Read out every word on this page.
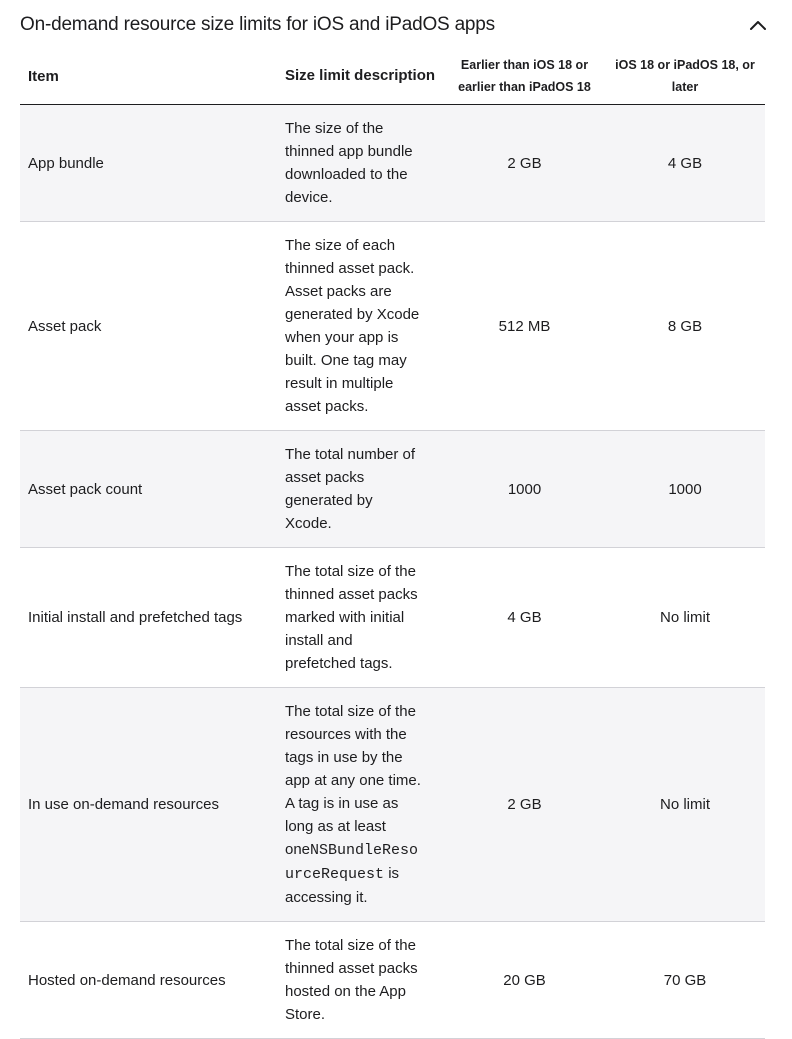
On-demand resource size limits for iOS and iPadOS apps
Item	Size limit description	Earlier than iOS 18 or earlier than iPadOS 18	iOS 18 or iPadOS 18, or later
App bundle	The size of the thinned app bundle downloaded to the device.	2 GB	4 GB
Asset pack	The size of each thinned asset pack. Asset packs are generated by Xcode when your app is built. One tag may result in multiple asset packs.	512 MB	8 GB
Asset pack count	The total number of asset packs generated by Xcode.	1000	1000
Initial install and prefetched tags	The total size of the thinned asset packs marked with initial install and prefetched tags.	4 GB	No limit
In use on-demand resources	The total size of the resources with the tags in use by the app at any one time. A tag is in use as long as at least oneNSBundleResourceRequest is accessing it.	2 GB	No limit
Hosted on-demand resources	The total size of the thinned asset packs hosted on the App Store.	20 GB	70 GB
